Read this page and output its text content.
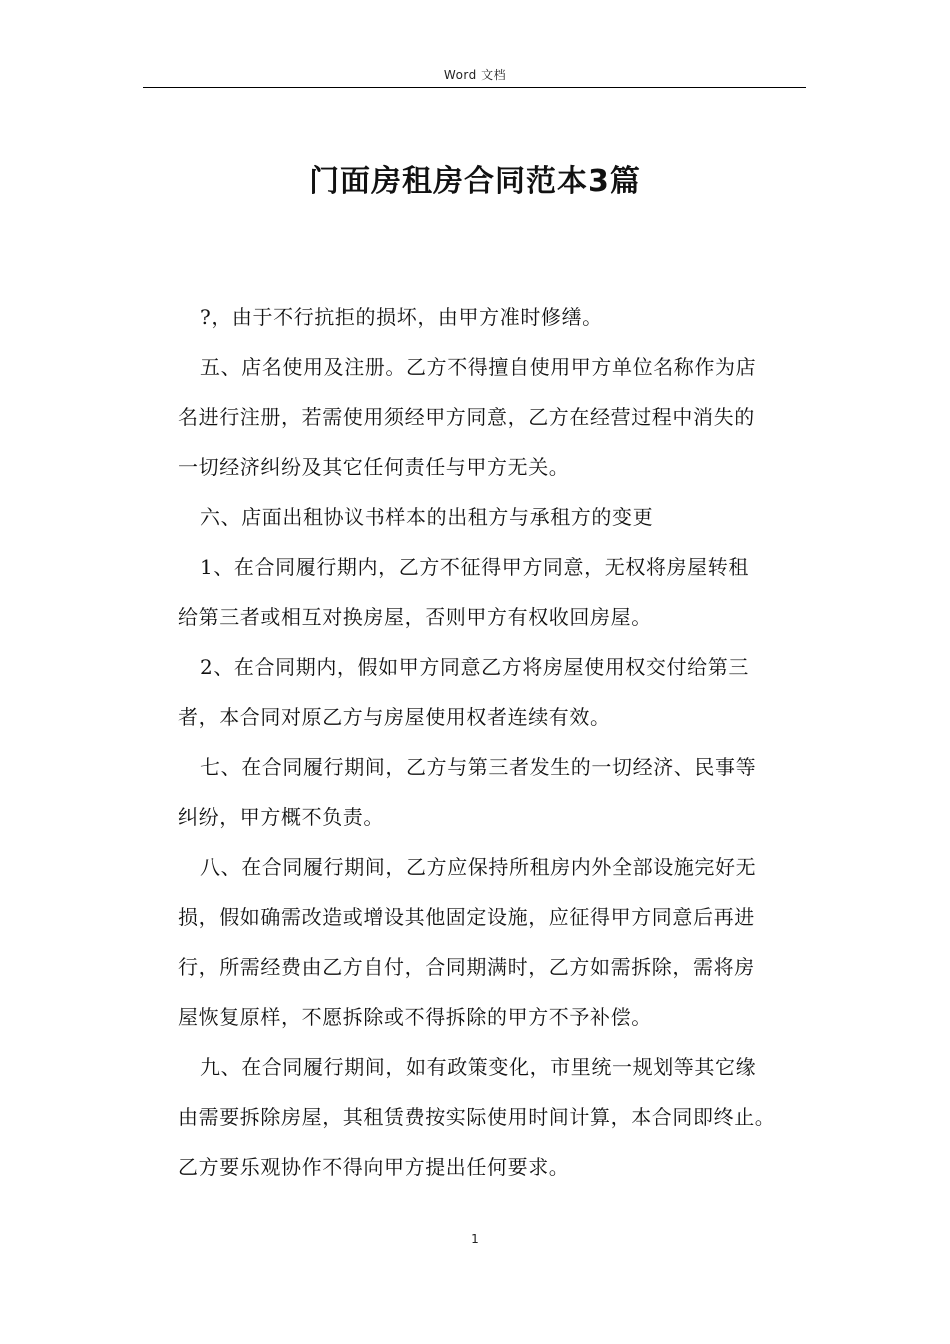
Word 文档
门面房租房合同范本3篇

?，由于不行抗拒的损坏，由甲方准时修缮。

五、店名使用及注册。乙方不得擅自使用甲方单位名称作为店
名进行注册，若需使用须经甲方同意，乙方在经营过程中消失的
一切经济纠纷及其它任何责任与甲方无关。

六、店面出租协议书样本的出租方与承租方的变更

1、在合同履行期内，乙方不征得甲方同意，无权将房屋转租
给第三者或相互对换房屋，否则甲方有权收回房屋。

2、在合同期内，假如甲方同意乙方将房屋使用权交付给第三
者，本合同对原乙方与房屋使用权者连续有效。

七、在合同履行期间，乙方与第三者发生的一切经济、民事等
纠纷，甲方概不负责。

八、在合同履行期间，乙方应保持所租房内外全部设施完好无
损，假如确需改造或增设其他固定设施，应征得甲方同意后再进
行，所需经费由乙方自付，合同期满时，乙方如需拆除，需将房
屋恢复原样，不愿拆除或不得拆除的甲方不予补偿。

九、在合同履行期间，如有政策变化，市里统一规划等其它缘
由需要拆除房屋，其租赁费按实际使用时间计算，本合同即终止。
乙方要乐观协作不得向甲方提出任何要求。

1
